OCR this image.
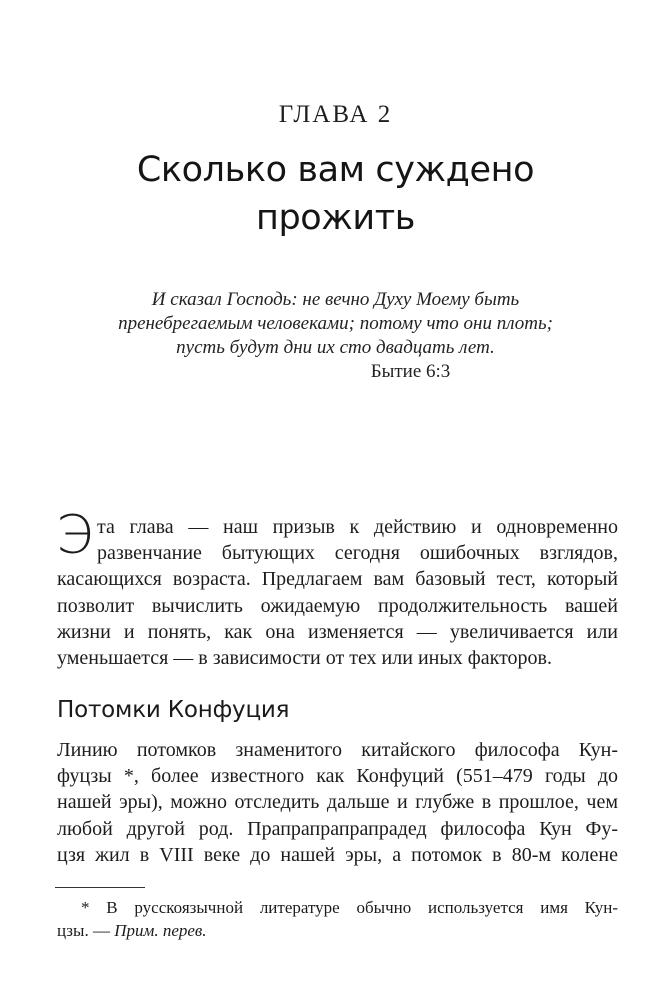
ГЛАВА 2
Сколько вам суждено
прожить
И сказал Господь: не вечно Духу Моему быть
пренебрегаемым человеками; потому что они плоть;
пусть будут дни их сто двадцать лет.
Бытие 6:3
Э та глава — наш призыв к действию и одновременно
развенчание бытующих сегодня ошибочных взглядов,
касающихся возраста. Предлагаем вам базовый тест, который
позволит вычислить ожидаемую продолжительность вашей
жизни и понять, как она изменяется — увеличивается или
уменьшается — в зависимости от тех или иных факторов.
Потомки Конфуция
Линию потомков знаменитого китайского философа Кун-
фуцзы *, более известного как Конфуций (551–479 годы до
нашей эры), можно отследить дальше и глубже в прошлое, чем
любой другой род. Прапрапрапрапрадед философа Кун Фу-
цзя жил в VIII веке до нашей эры, а потомок в 80-м колене
* В русскоязычной литературе обычно используется имя Кун-
цзы. — Прим. перев.
